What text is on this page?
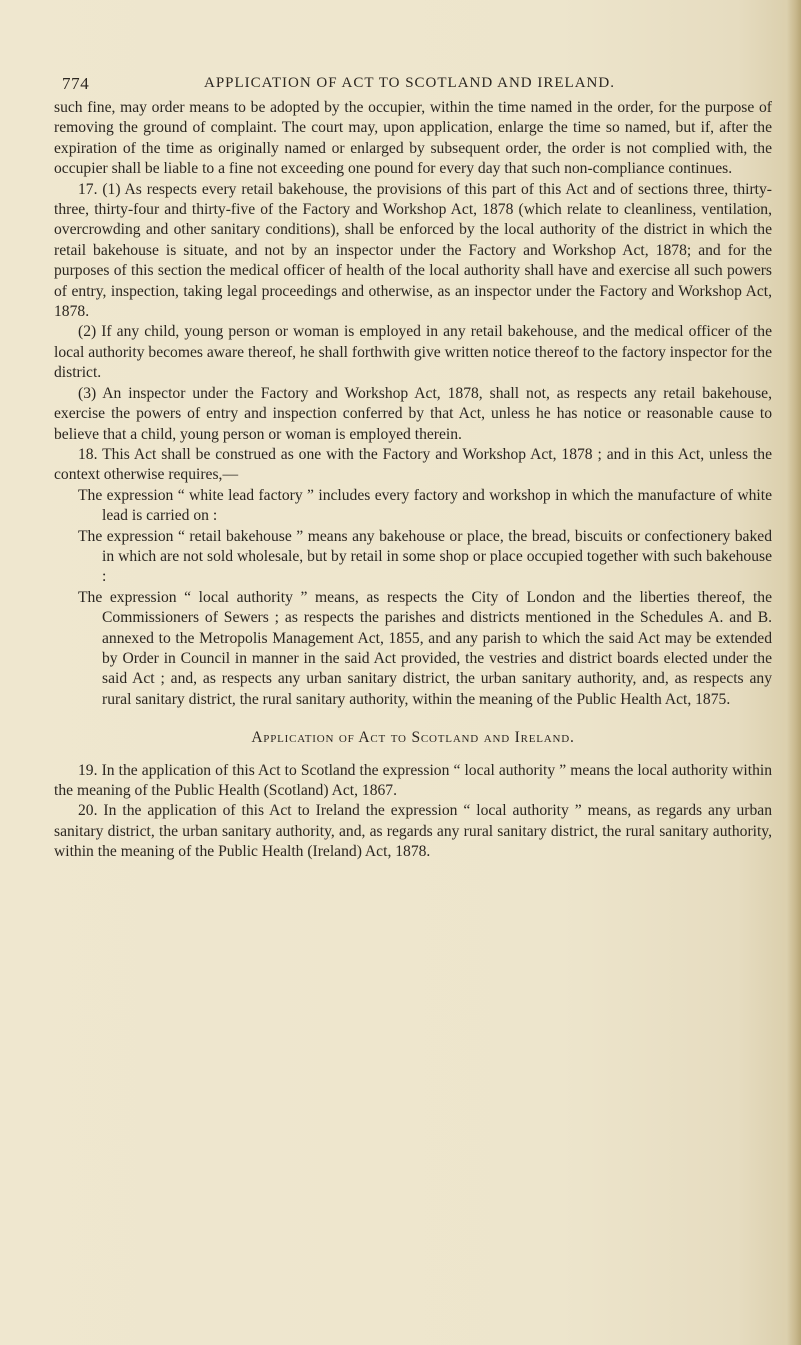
774	APPLICATION OF ACT TO SCOTLAND AND IRELAND.

such fine, may order means to be adopted by the occupier, within the time named in the order, for the purpose of removing the ground of complaint. The court may, upon application, enlarge the time so named, but if, after the expiration of the time as originally named or enlarged by subsequent order, the order is not complied with, the occupier shall be liable to a fine not exceeding one pound for every day that such non-compliance continues.

17. (1) As respects every retail bakehouse, the provisions of this part of this Act and of sections three, thirty-three, thirty-four and thirty-five of the Factory and Workshop Act, 1878 (which relate to cleanliness, ventilation, overcrowding and other sanitary conditions), shall be enforced by the local authority of the district in which the retail bakehouse is situate, and not by an inspector under the Factory and Workshop Act, 1878; and for the purposes of this section the medical officer of health of the local authority shall have and exercise all such powers of entry, inspection, taking legal proceedings and otherwise, as an inspector under the Factory and Workshop Act, 1878.

(2) If any child, young person or woman is employed in any retail bakehouse, and the medical officer of the local authority becomes aware thereof, he shall forthwith give written notice thereof to the factory inspector for the district.

(3) An inspector under the Factory and Workshop Act, 1878, shall not, as respects any retail bakehouse, exercise the powers of entry and inspection conferred by that Act, unless he has notice or reasonable cause to believe that a child, young person or woman is employed therein.

18. This Act shall be construed as one with the Factory and Workshop Act, 1878 ; and in this Act, unless the context otherwise requires,—

The expression “ white lead factory ” includes every factory and workshop in which the manufacture of white lead is carried on :

The expression “ retail bakehouse ” means any bakehouse or place, the bread, biscuits or confectionery baked in which are not sold wholesale, but by retail in some shop or place occupied together with such bakehouse :

The expression “ local authority ” means, as respects the City of London and the liberties thereof, the Commissioners of Sewers ; as respects the parishes and districts mentioned in the Schedules A. and B. annexed to the Metropolis Management Act, 1855, and any parish to which the said Act may be extended by Order in Council in manner in the said Act provided, the vestries and district boards elected under the said Act ; and, as respects any urban sanitary district, the urban sanitary authority, and, as respects any rural sanitary district, the rural sanitary authority, within the meaning of the Public Health Act, 1875.

Application of Act to Scotland and Ireland.

19. In the application of this Act to Scotland the expression “ local authority ” means the local authority within the meaning of the Public Health (Scotland) Act, 1867.

20. In the application of this Act to Ireland the expression “ local authority ” means, as regards any urban sanitary district, the urban sanitary authority, and, as regards any rural sanitary district, the rural sanitary authority, within the meaning of the Public Health (Ireland) Act, 1878.
